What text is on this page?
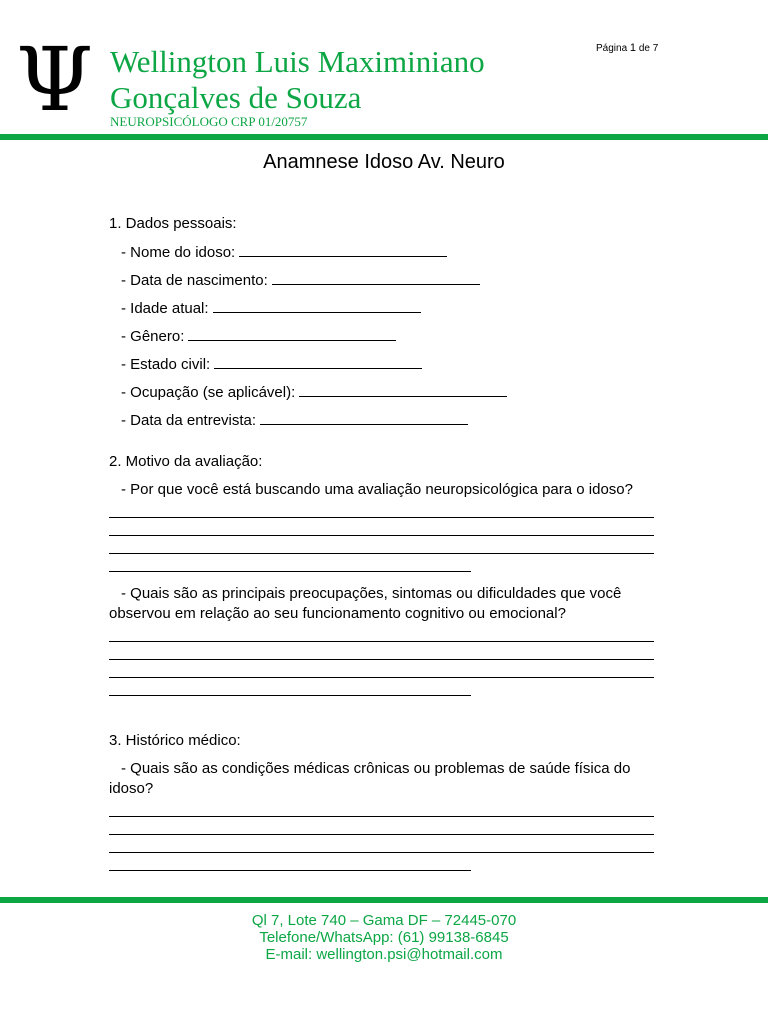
Ψ Wellington Luis Maximiniano
Gonçalves de Souza
NEUROPSICÓLOGO CRP 01/20757
Página 1 de 7
Anamnese Idoso Av. Neuro
1. Dados pessoais:
- Nome do idoso:
- Data de nascimento:
- Idade atual:
- Gênero:
- Estado civil:
- Ocupação (se aplicável):
- Data da entrevista:
2. Motivo da avaliação:
- Por que você está buscando uma avaliação neuropsicológica para o idoso?
- Quais são as principais preocupações, sintomas ou dificuldades que você observou em relação ao seu funcionamento cognitivo ou emocional?
3. Histórico médico:
- Quais são as condições médicas crônicas ou problemas de saúde física do idoso?
Ql 7, Lote 740 – Gama DF – 72445-070
Telefone/WhatsApp: (61) 99138-6845
E-mail: wellington.psi@hotmail.com
